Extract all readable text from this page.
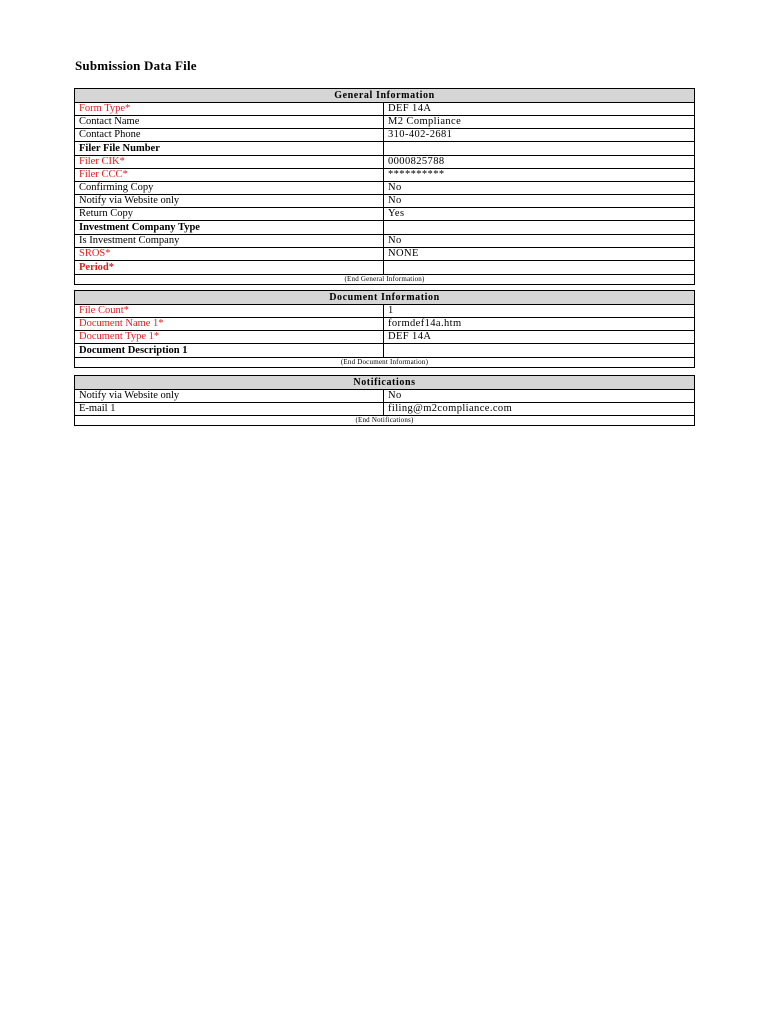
Submission Data File
General Information
Form Type*	DEF 14A
Contact Name	M2 Compliance
Contact Phone	310-402-2681
Filer File Number
Filer CIK*	0000825788
Filer CCC*	**********
Confirming Copy	No
Notify via Website only	No
Return Copy	Yes
Investment Company Type
Is Investment Company	No
SROS*	NONE
Period*
(End General Information)
Document Information
File Count*	1
Document Name 1*	formdef14a.htm
Document Type 1*	DEF 14A
Document Description 1
(End Document Information)
Notifications
Notify via Website only	No
E-mail 1	filing@m2compliance.com
(End Notifications)
